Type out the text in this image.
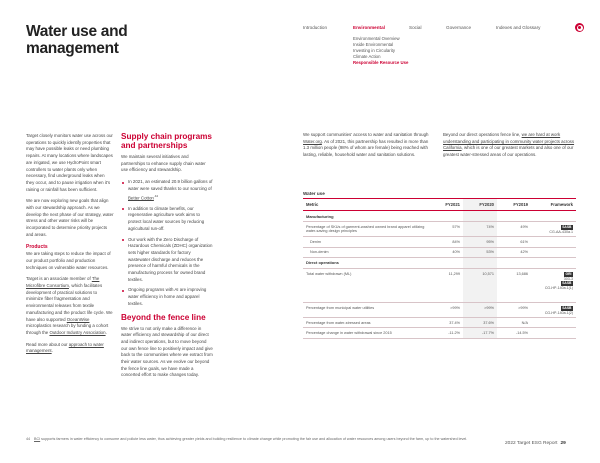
Water use and
management
Introduction	Environmental	Social	Governance	Indexes and Glossary
Environmental Overview
Inside Environmental
Investing in Circularity
Climate Action
Responsible Resource Use

Target closely monitors water use across our operations to quickly identify properties that may have possible leaks or need plumbing repairs. At many locations where landscapes are irrigated, we use HydroPoint smart controllers to water plants only when necessary, find underground leaks when they occur, and to pause irrigation when it's raining or rainfall has been sufficient.

We are now exploring new goals that align with our stewardship approach. As we develop the next phase of our strategy, water stress and other water risks will be incorporated to determine priority projects and areas.

Products

We are taking steps to reduce the impact of our product portfolio and production techniques on vulnerable water resources.

Target is an associate member of The Microfibre Consortium, which facilitates development of practical solutions to minimize fiber fragmentation and environmental releases from textile manufacturing and the product life cycle. We have also supported OceanWise microplastics research by funding a cohort through the Outdoor Industry Association.

Read more about our approach to water management.

Supply chain programs and partnerships

We maintain several initiatives and partnerships to enhance supply chain water use efficiency and stewardship.

In 2021, an estimated 20.9 billion gallons of water were saved thanks to our sourcing of Better Cotton$^{.44}$
In addition to climate benefits, our regenerative agriculture work aims to protect local water sources by reducing agricultural run-off.
Our work with the Zero Discharge of Hazardous Chemicals (ZDHC) organization sets higher standards for factory wastewater discharge and reduces the presence of harmful chemicals in the manufacturing process for owned brand textiles.
Ongoing programs with AI are improving water efficiency in home and apparel textiles.
Beyond the fence line

We strive to not only make a difference in water efficiency and stewardship of our direct and indirect operations, but to move beyond our own fence line to positively impact and give back to the communities where we extract from their water sources. As we evolve our beyond the fence line goals, we have made a concerted effort to make changes today.

We support communities' access to water and sanitation through Water.org. As of 2021, this partnership has resulted in more than 1.3 million people (98% of whom are female) being reached with lasting, reliable, household water and sanitation solutions.

Beyond our direct operations fence line, we are hard at work understanding and participating in community water projects across California, which is one of our greatest markets and also one of our greatest water-stressed areas of our operations.

Water use
Metric	FY2021	FY2020	FY2019	Framework
Manufacturing				
Percentage of SKUs of garment-washed owned brand apparel utilizing water-saving design principles	57%	74%	49%	SASB
CG-AA-430a.1
Denim	84%	95%	61%	
Non-denim	40%	53%	42%	
Direct operations				
Total water withdrawn (ML)	11,299	10,571	13,686	GRI
303-3
SASB
CG-HP-140a.1(1)
Percentage from municipal water utilities	>99%	>99%	>99%	SASB
CG-HP-140a.1(2)
Percentage from water-stressed areas	37.4%	37.6%	N/A	
Percentage change in water withdrawal since 2015	-11.2%	-17.7%	-14.5%	
44 BCI supports farmers in water efficiency to consume and pollute less water, thus achieving greater yields and building resilience to climate change while promoting the fair use and allocation of water resources among users beyond the farm, up to the watershed level.
2022 Target ESG Report 29
